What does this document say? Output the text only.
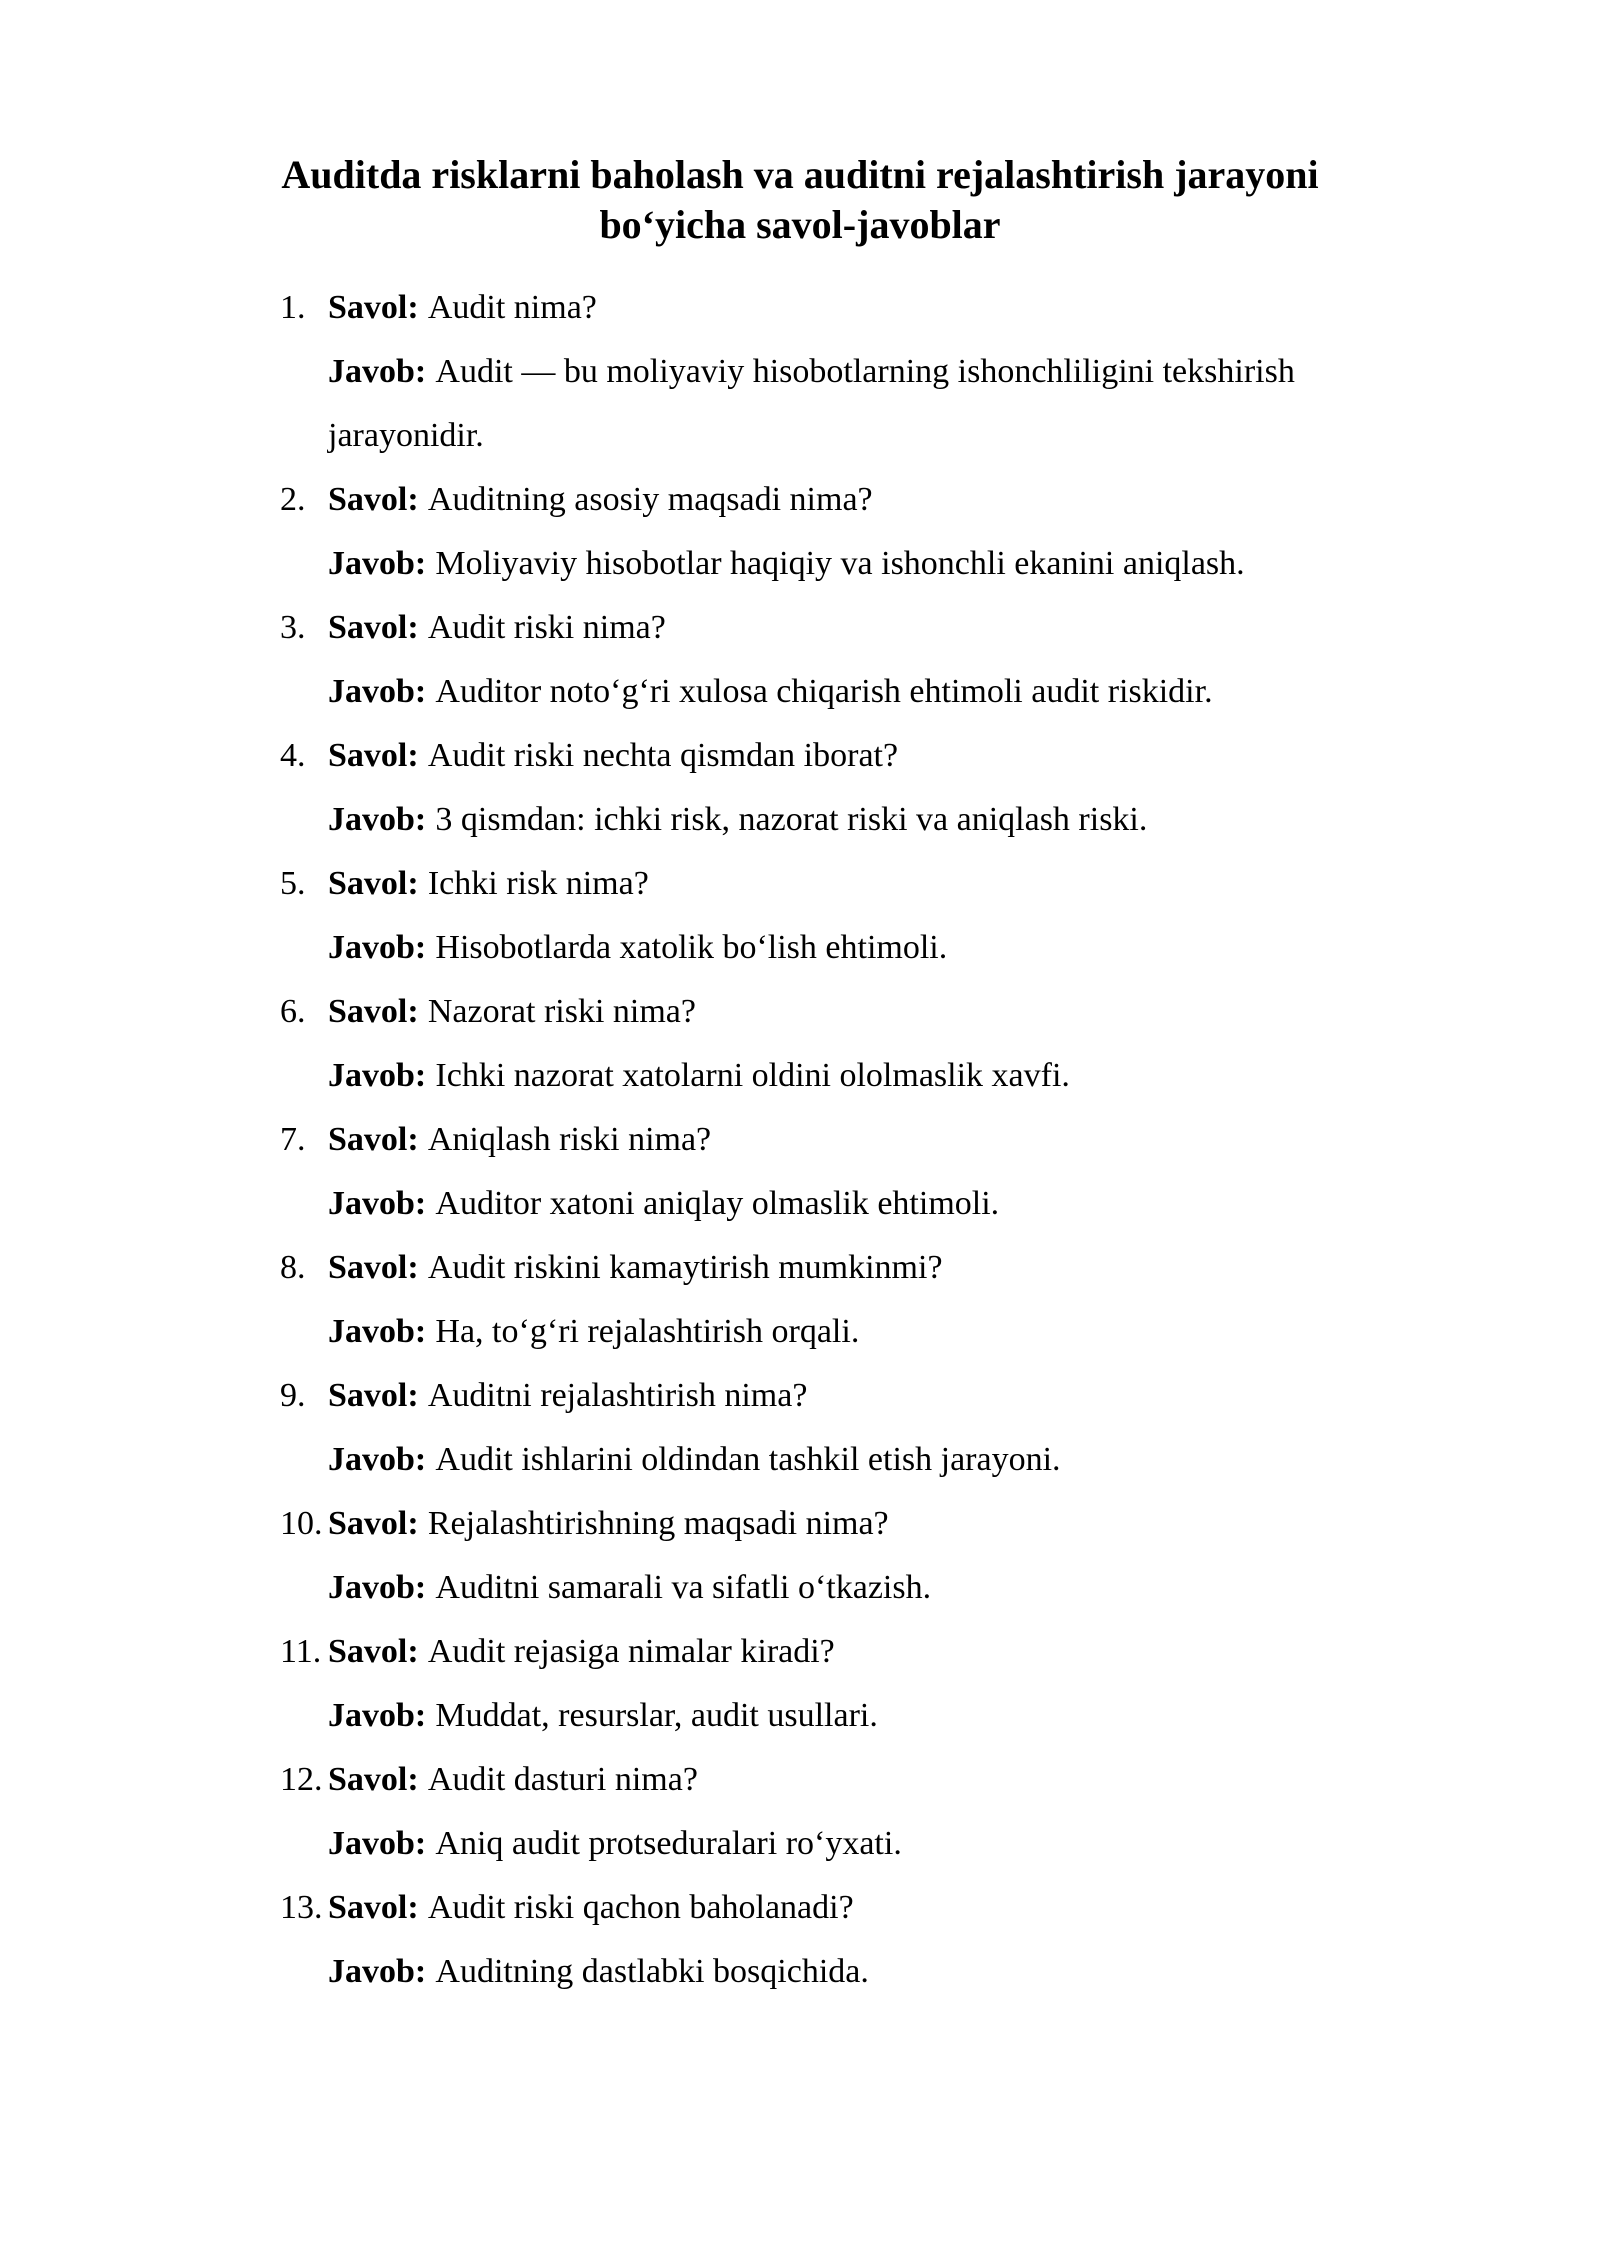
Auditda risklarni baholash va auditni rejalashtirish jarayoni
bo‘yicha savol-javoblar
1. Savol: Audit nima?
Javob: Audit — bu moliyaviy hisobotlarning ishonchliligini tekshirish jarayonidir.
2. Savol: Auditning asosiy maqsadi nima?
Javob: Moliyaviy hisobotlar haqiqiy va ishonchli ekanini aniqlash.
3. Savol: Audit riski nima?
Javob: Auditor noto‘g‘ri xulosa chiqarish ehtimoli audit riskidir.
4. Savol: Audit riski nechta qismdan iborat?
Javob: 3 qismdan: ichki risk, nazorat riski va aniqlash riski.
5. Savol: Ichki risk nima?
Javob: Hisobotlarda xatolik bo‘lish ehtimoli.
6. Savol: Nazorat riski nima?
Javob: Ichki nazorat xatolarni oldini ololmaslik xavfi.
7. Savol: Aniqlash riski nima?
Javob: Auditor xatoni aniqlay olmaslik ehtimoli.
8. Savol: Audit riskini kamaytirish mumkinmi?
Javob: Ha, to‘g‘ri rejalashtirish orqali.
9. Savol: Auditni rejalashtirish nima?
Javob: Audit ishlarini oldindan tashkil etish jarayoni.
10. Savol: Rejalashtirishning maqsadi nima?
Javob: Auditni samarali va sifatli o‘tkazish.
11. Savol: Audit rejasiga nimalar kiradi?
Javob: Muddat, resurslar, audit usullari.
12. Savol: Audit dasturi nima?
Javob: Aniq audit protseduralari ro‘yxati.
13. Savol: Audit riski qachon baholanadi?
Javob: Auditning dastlabki bosqichida.
